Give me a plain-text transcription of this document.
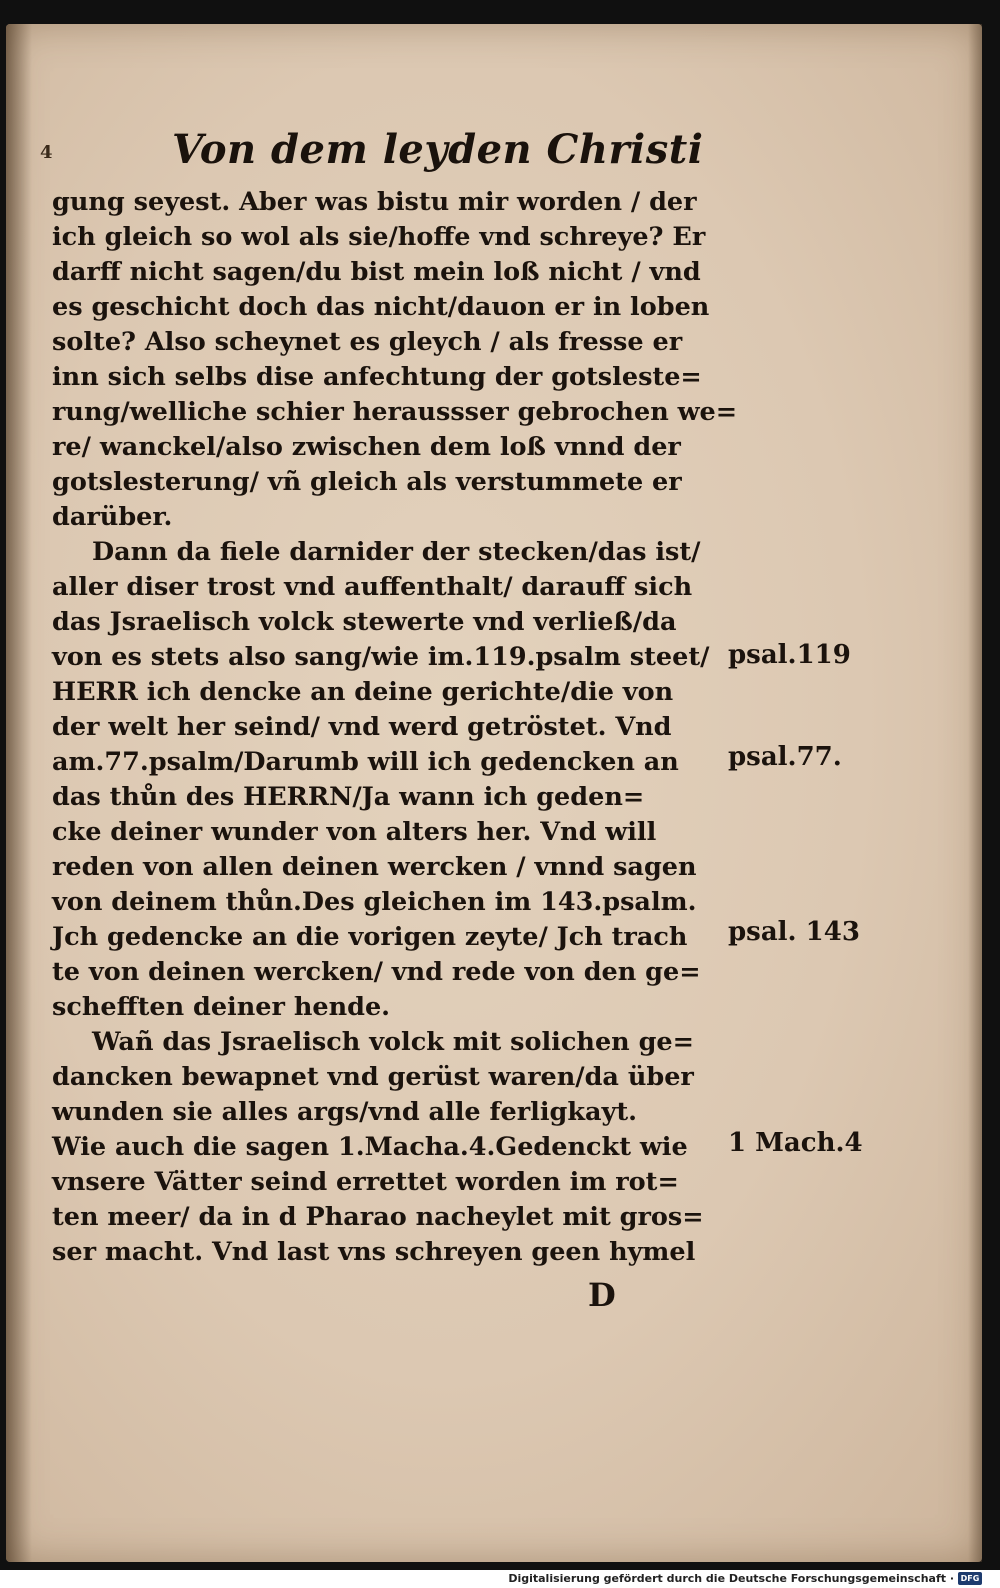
4	Von dem leyden Christi
gung seyest. Aber was bistu mir worden / der
ich gleich so wol als sie/hoffe vnd schreye? Er
darff nicht sagen/du bist mein loß nicht / vnd
es geschicht doch das nicht/dauon er in loben
solte? Also scheynet es gleych / als fresse er
inn sich selbs dise anfechtung der gotsleste=
rung/welliche schier heraussser gebrochen we=
re/ wanckel/also zwischen dem loß vnnd der
gotslesterung/ vñ gleich als verstummete er
darüber.
Dann da fiele darnider der stecken/das ist/
aller diser trost vnd auffenthalt/ darauff sich
das Jsraelisch volck stewerte vnd verließ/da
von es stets also sang/wie im.119.psalm steet/
HERR ich dencke an deine gerichte/die von
der welt her seind/ vnd werd getröstet. Vnd
am.77.psalm/Darumb will ich gedencken an
das thůn des HERRN/Ja wann ich geden=
cke deiner wunder von alters her. Vnd will
reden von allen deinen wercken / vnnd sagen
von deinem thůn.Des gleichen im 143.psalm.
Jch gedencke an die vorigen zeyte/ Jch trach
te von deinen wercken/ vnd rede von den ge=
schefften deiner hende.
Wañ das Jsraelisch volck mit solichen ge=
dancken bewapnet vnd gerüst waren/da über
wunden sie alles args/vnd alle ferligkayt.
Wie auch die sagen 1.Macha.4.Gedenckt wie
vnsere Vätter seind errettet worden im rot=
ten meer/ da in d Pharao nacheylet mit gros=
ser macht. Vnd last vns schreyen geen hymel
psal.119
psal.77.
psal. 143
1 Mach.4
D
Digitalisierung gefördert durch die Deutsche Forschungsgemeinschaft · DFG
